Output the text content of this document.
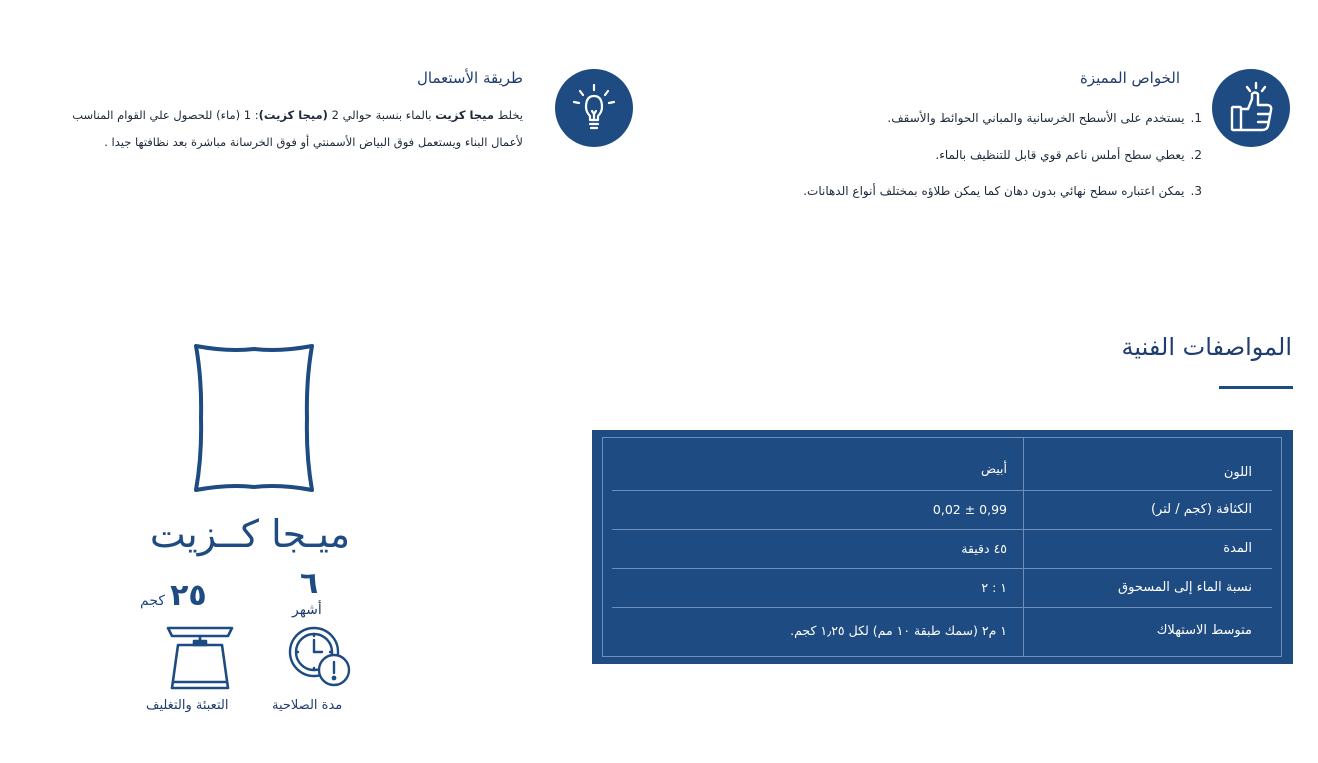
الخواص المميزة
1.يستخدم على الأسطح الخرسانية والمباني الحوائط والأسقف.
2.يعطي سطح أملس ناعم قوي قابل للتنظيف بالماء.
3.يمكن اعتباره سطح نهائي بدون دهان كما يمكن طلاؤه بمختلف أنواع الدهانات.
طريقة الأستعمال
يخلط ميجا كزيت بالماء بنسبة حوالي 2 (ميجا كزيت): 1 (ماء) للحصول علي القوام المناسب
لأعمال البناء ويستعمل فوق البياض الأسمنتي أو فوق الخرسانة مباشرة بعد نظافتها جيدا .
المواصفات الفنية
اللون
أبيض
الكثافة (كجم / لتر)
0,99 ± 0,02
المدة
٤٥ دقيقة
نسبة الماء إلى المسحوق
١ : ٢
متوسط الاستهلاك
١ م٢ (سمك طبقة ١٠ مم) لكل ١٫٢٥ كجم.
ميـجا كــزيت
٢٥ كجم
التعبئة والتغليف
٦
أشهر
مدة الصلاحية
